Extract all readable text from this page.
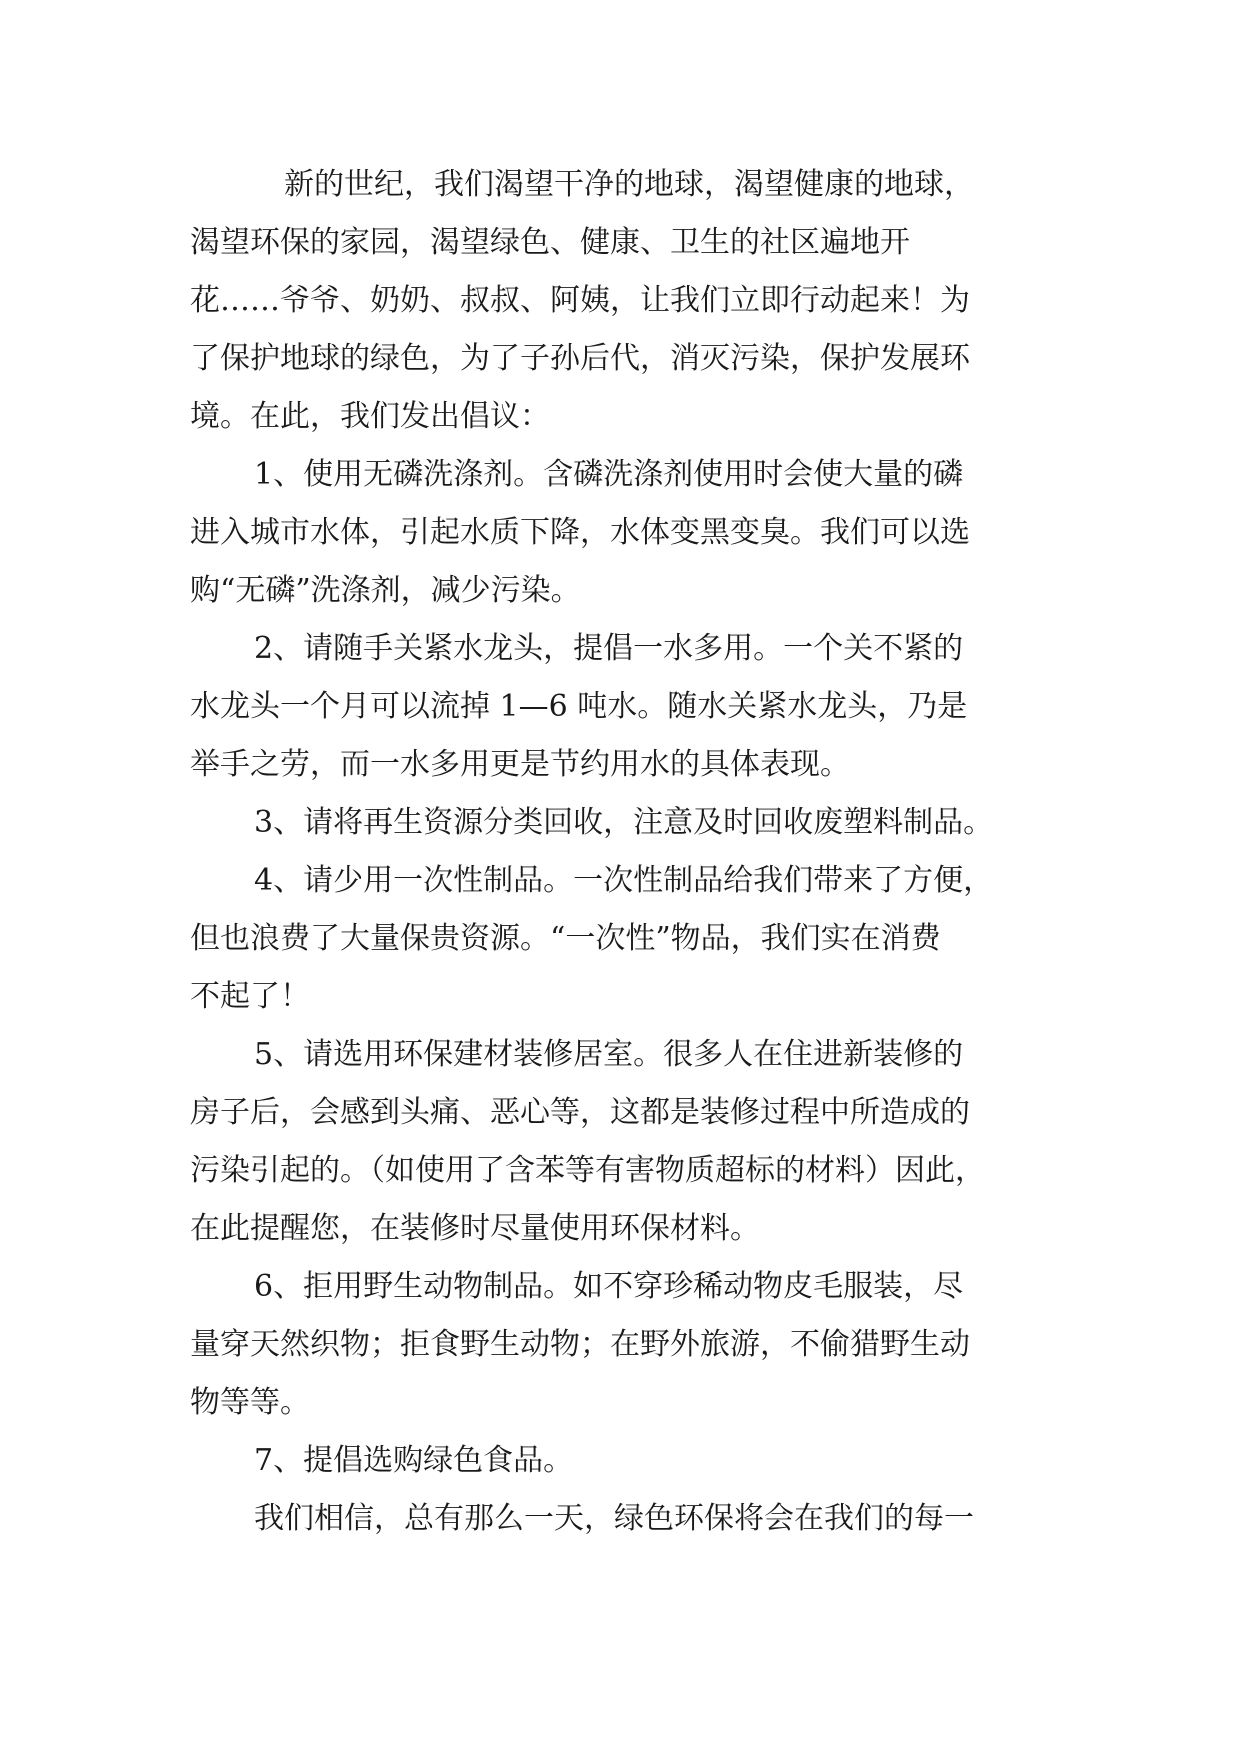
新的世纪，我们渴望干净的地球，渴望健康的地球，
渴望环保的家园，渴望绿色、健康、卫生的社区遍地开
花……爷爷、奶奶、叔叔、阿姨，让我们立即行动起来！为
了保护地球的绿色，为了子孙后代，消灭污染，保护发展环
境。在此，我们发出倡议：
1、使用无磷洗涤剂。含磷洗涤剂使用时会使大量的磷
进入城市水体，引起水质下降，水体变黑变臭。我们可以选
购“无磷”洗涤剂，减少污染。
2、请随手关紧水龙头，提倡一水多用。一个关不紧的
水龙头一个月可以流掉 1—6 吨水。随水关紧水龙头，乃是
举手之劳，而一水多用更是节约用水的具体表现。
3、请将再生资源分类回收，注意及时回收废塑料制品。
4、请少用一次性制品。一次性制品给我们带来了方便，
但也浪费了大量保贵资源。“一次性”物品，我们实在消费
不起了！
5、请选用环保建材装修居室。很多人在住进新装修的
房子后，会感到头痛、恶心等，这都是装修过程中所造成的
污染引起的。（如使用了含苯等有害物质超标的材料）因此，
在此提醒您，在装修时尽量使用环保材料。
6、拒用野生动物制品。如不穿珍稀动物皮毛服装，尽
量穿天然织物；拒食野生动物；在野外旅游，不偷猎野生动
物等等。
7、提倡选购绿色食品。
我们相信，总有那么一天，绿色环保将会在我们的每一
